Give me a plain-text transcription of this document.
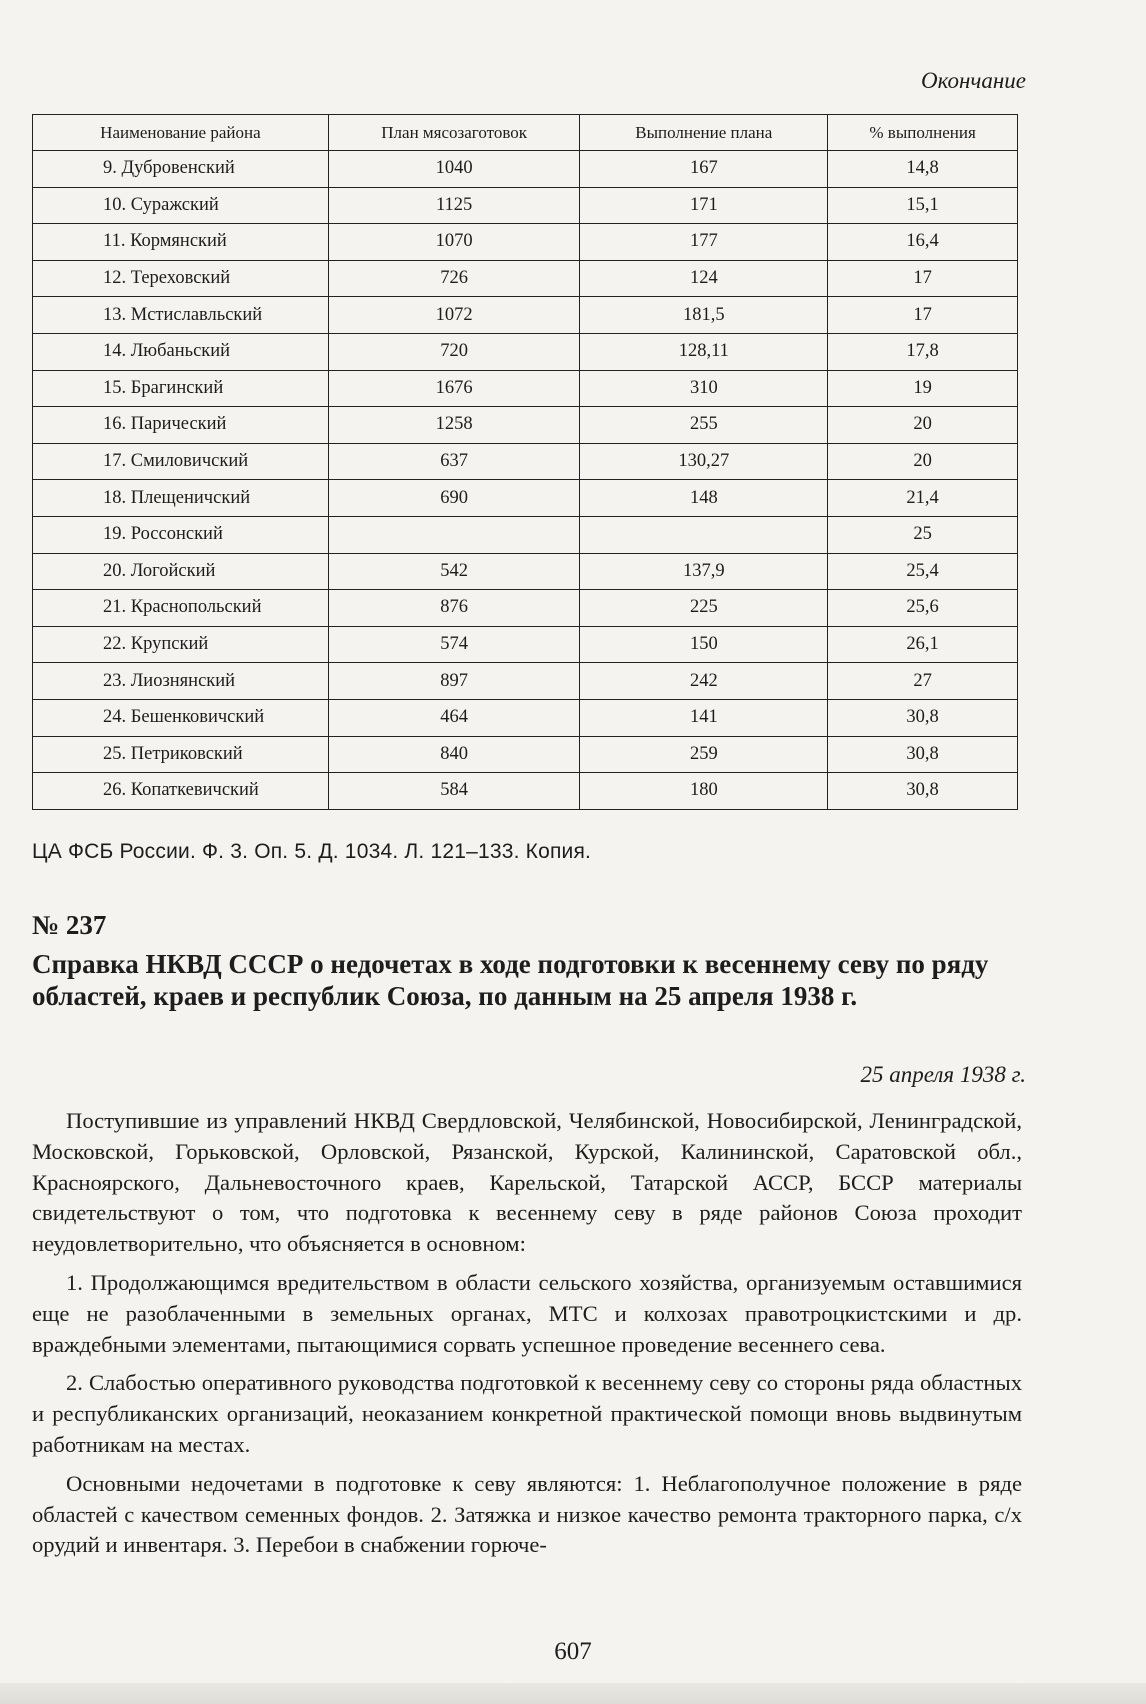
Окончание
Наименование района	План мясозаготовок	Выполнение плана	% выполнения
9. Дубровенский	1040	167	14,8
10. Суражский	1125	171	15,1
11. Кормянский	1070	177	16,4
12. Тереховский	726	124	17
13. Мстиславльский	1072	181,5	17
14. Любаньский	720	128,11	17,8
15. Брагинский	1676	310	19
16. Парический	1258	255	20
17. Смиловичский	637	130,27	20
18. Плещеничский	690	148	21,4
19. Россонский			25
20. Логойский	542	137,9	25,4
21. Краснопольский	876	225	25,6
22. Крупский	574	150	26,1
23. Лиознянский	897	242	27
24. Бешенковичский	464	141	30,8
25. Петриковский	840	259	30,8
26. Копаткевичский	584	180	30,8
ЦА ФСБ России. Ф. 3. Оп. 5. Д. 1034. Л. 121–133. Копия.
№ 237
Справка НКВД СССР о недочетах в ходе подготовки к весеннему севу по ряду областей, краев и республик Союза, по данным на 25 апреля 1938 г.
25 апреля 1938 г.

Поступившие из управлений НКВД Свердловской, Челябинской, Новосибирской, Ленинградской, Московской, Горьковской, Орловской, Рязанской, Курской, Калининской, Саратовской обл., Красноярского, Дальневосточного краев, Карельской, Татарской АССР, БССР материалы свидетельствуют о том, что подготовка к весеннему севу в ряде районов Союза проходит неудовлетворительно, что объясняется в основном:

1. Продолжающимся вредительством в области сельского хозяйства, организуемым оставшимися еще не разоблаченными в земельных органах, МТС и колхозах правотроцкистскими и др. враждебными элементами, пытающимися сорвать успешное проведение весеннего сева.

2. Слабостью оперативного руководства подготовкой к весеннему севу со стороны ряда областных и республиканских организаций, неоказанием конкретной практической помощи вновь выдвинутым работникам на местах.

Основными недочетами в подготовке к севу являются: 1. Неблагополучное положение в ряде областей с качеством семенных фондов. 2. Затяжка и низкое качество ремонта тракторного парка, с/х орудий и инвентаря. 3. Перебои в снабжении горюче-

607
